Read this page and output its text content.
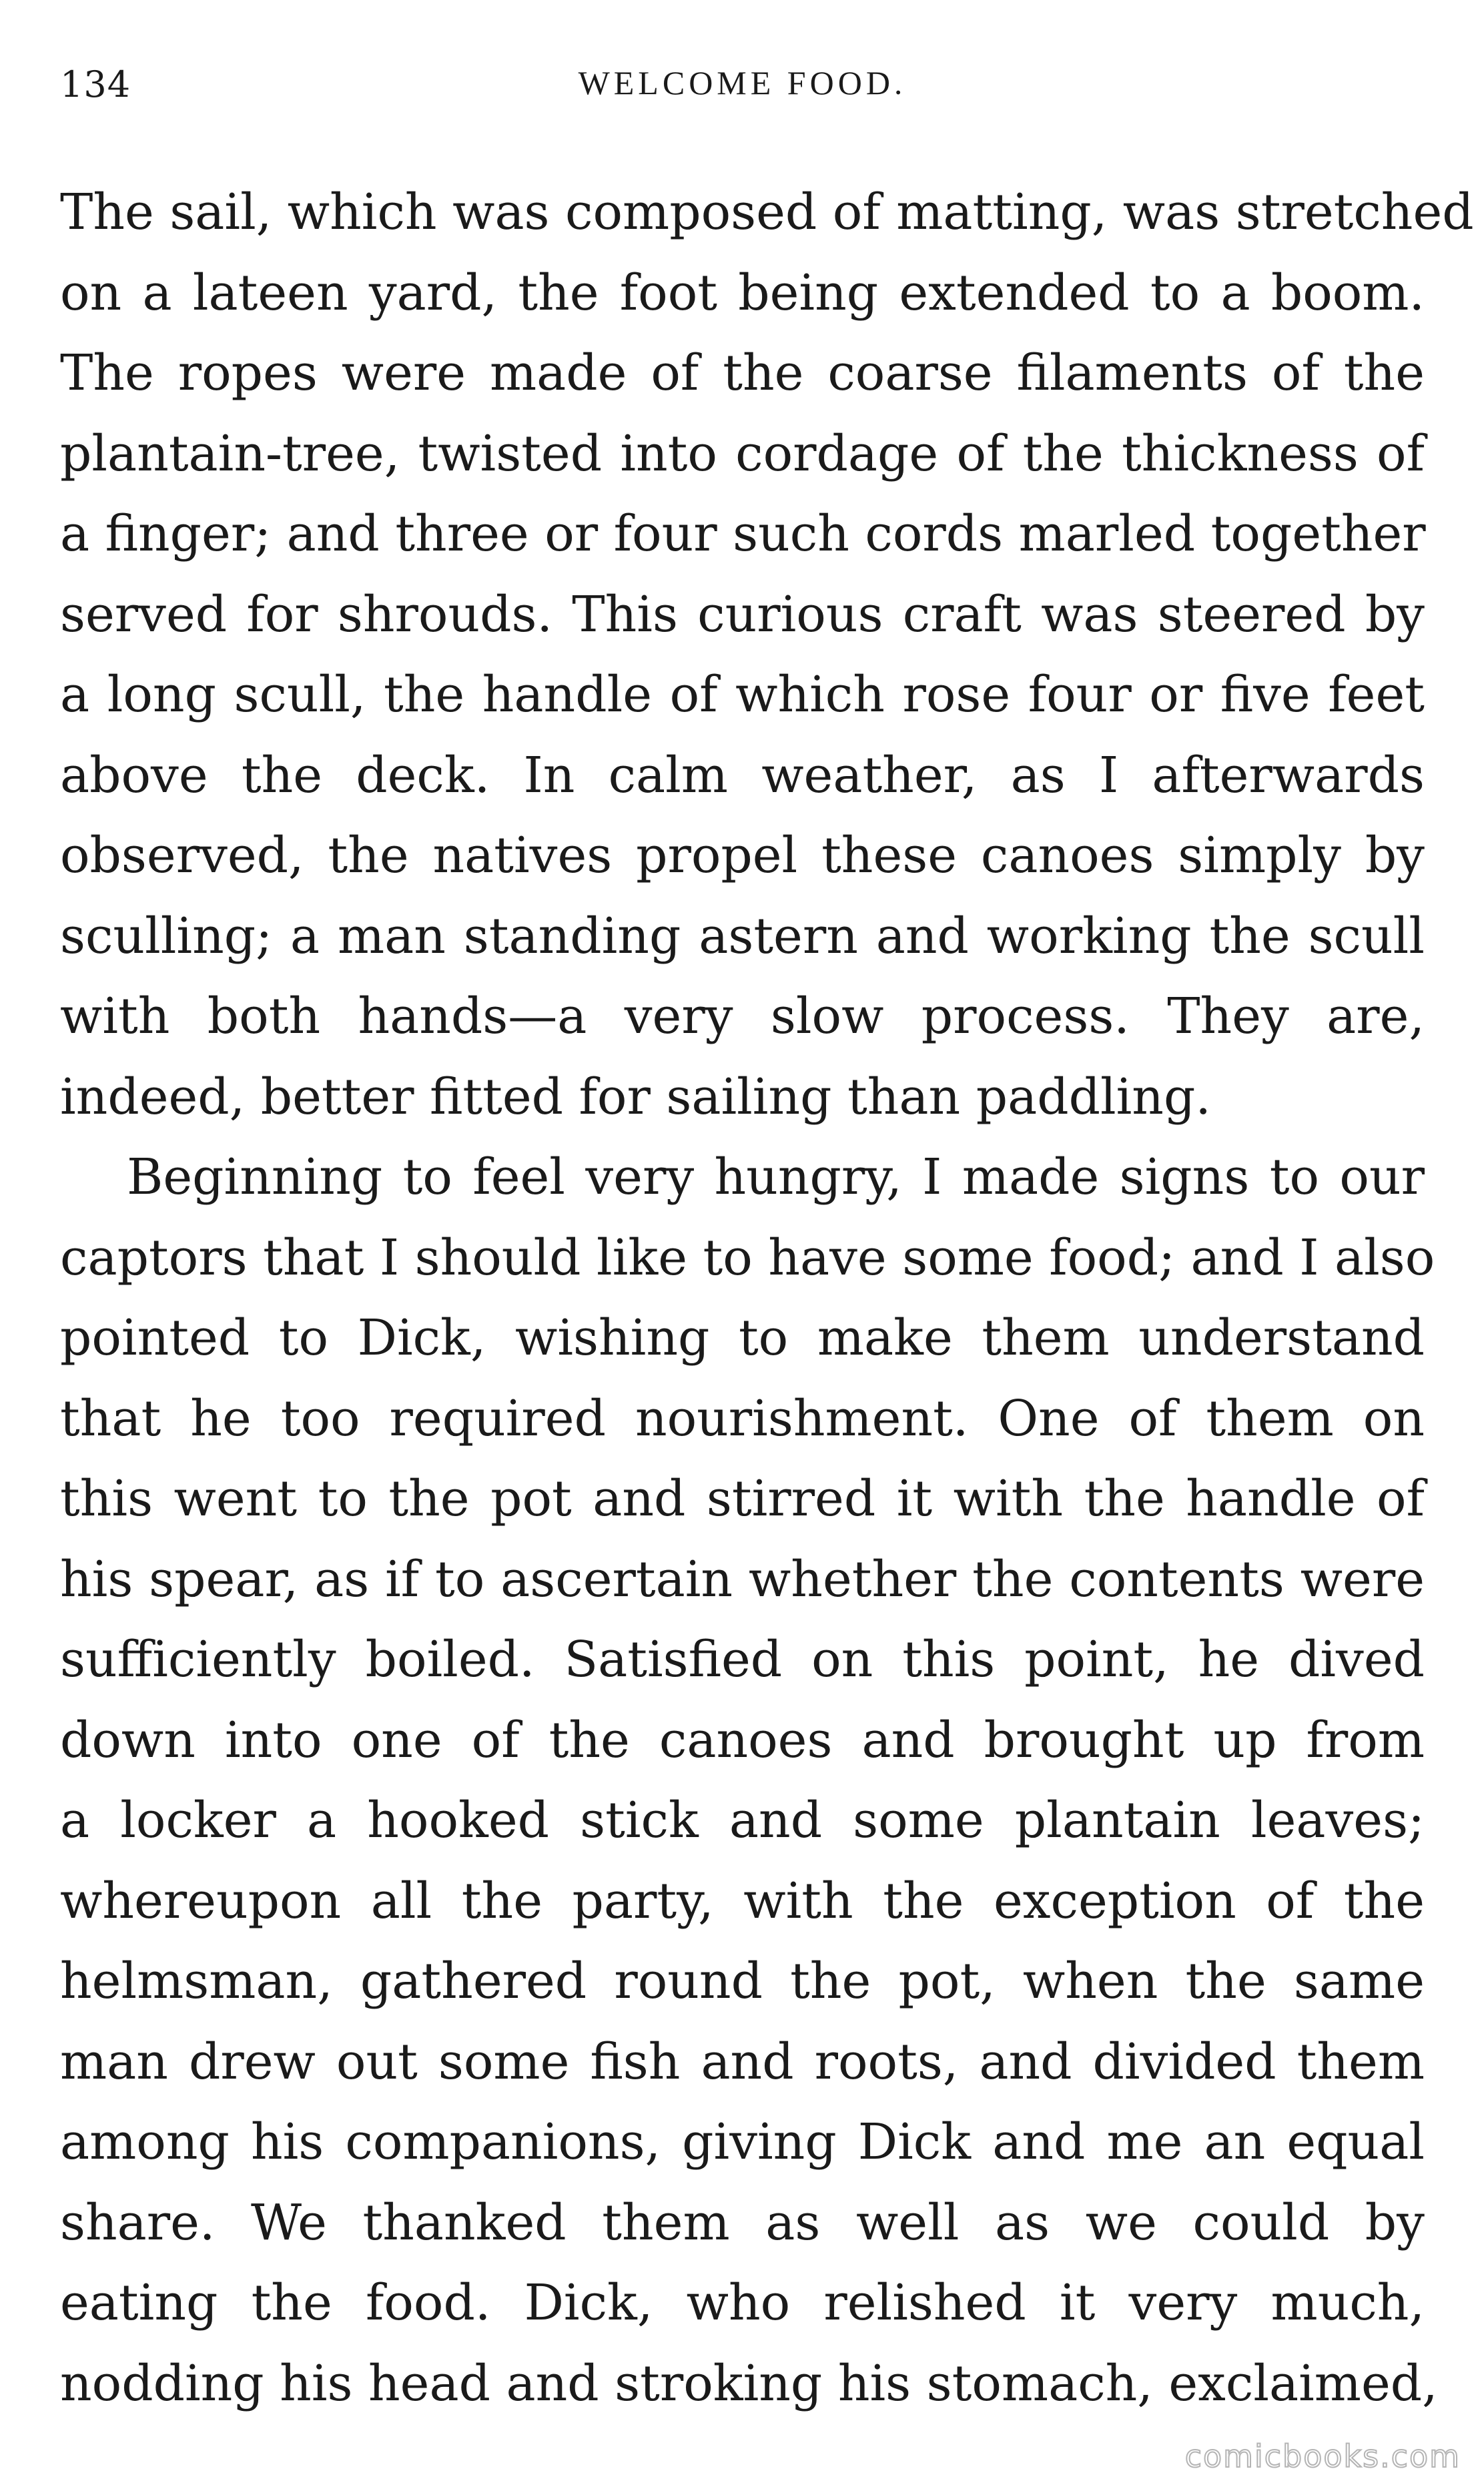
134	WELCOME FOOD.
The sail, which was composed of matting, was stretched
on a lateen yard, the foot being extended to a boom.
The ropes were made of the coarse filaments of the
plantain-tree, twisted into cordage of the thickness of
a finger; and three or four such cords marled together
served for shrouds. This curious craft was steered by
a long scull, the handle of which rose four or five feet
above the deck. In calm weather, as I afterwards
observed, the natives propel these canoes simply by
sculling; a man standing astern and working the scull
with both hands—a very slow process. They are,
indeed, better fitted for sailing than paddling.
Beginning to feel very hungry, I made signs to our
captors that I should like to have some food; and I also
pointed to Dick, wishing to make them understand
that he too required nourishment. One of them on
this went to the pot and stirred it with the handle of
his spear, as if to ascertain whether the contents were
sufficiently boiled. Satisfied on this point, he dived
down into one of the canoes and brought up from
a locker a hooked stick and some plantain leaves;
whereupon all the party, with the exception of the
helmsman, gathered round the pot, when the same
man drew out some fish and roots, and divided them
among his companions, giving Dick and me an equal
share. We thanked them as well as we could by
eating the food. Dick, who relished it very much,
nodding his head and stroking his stomach, exclaimed,
comicbooks.com
